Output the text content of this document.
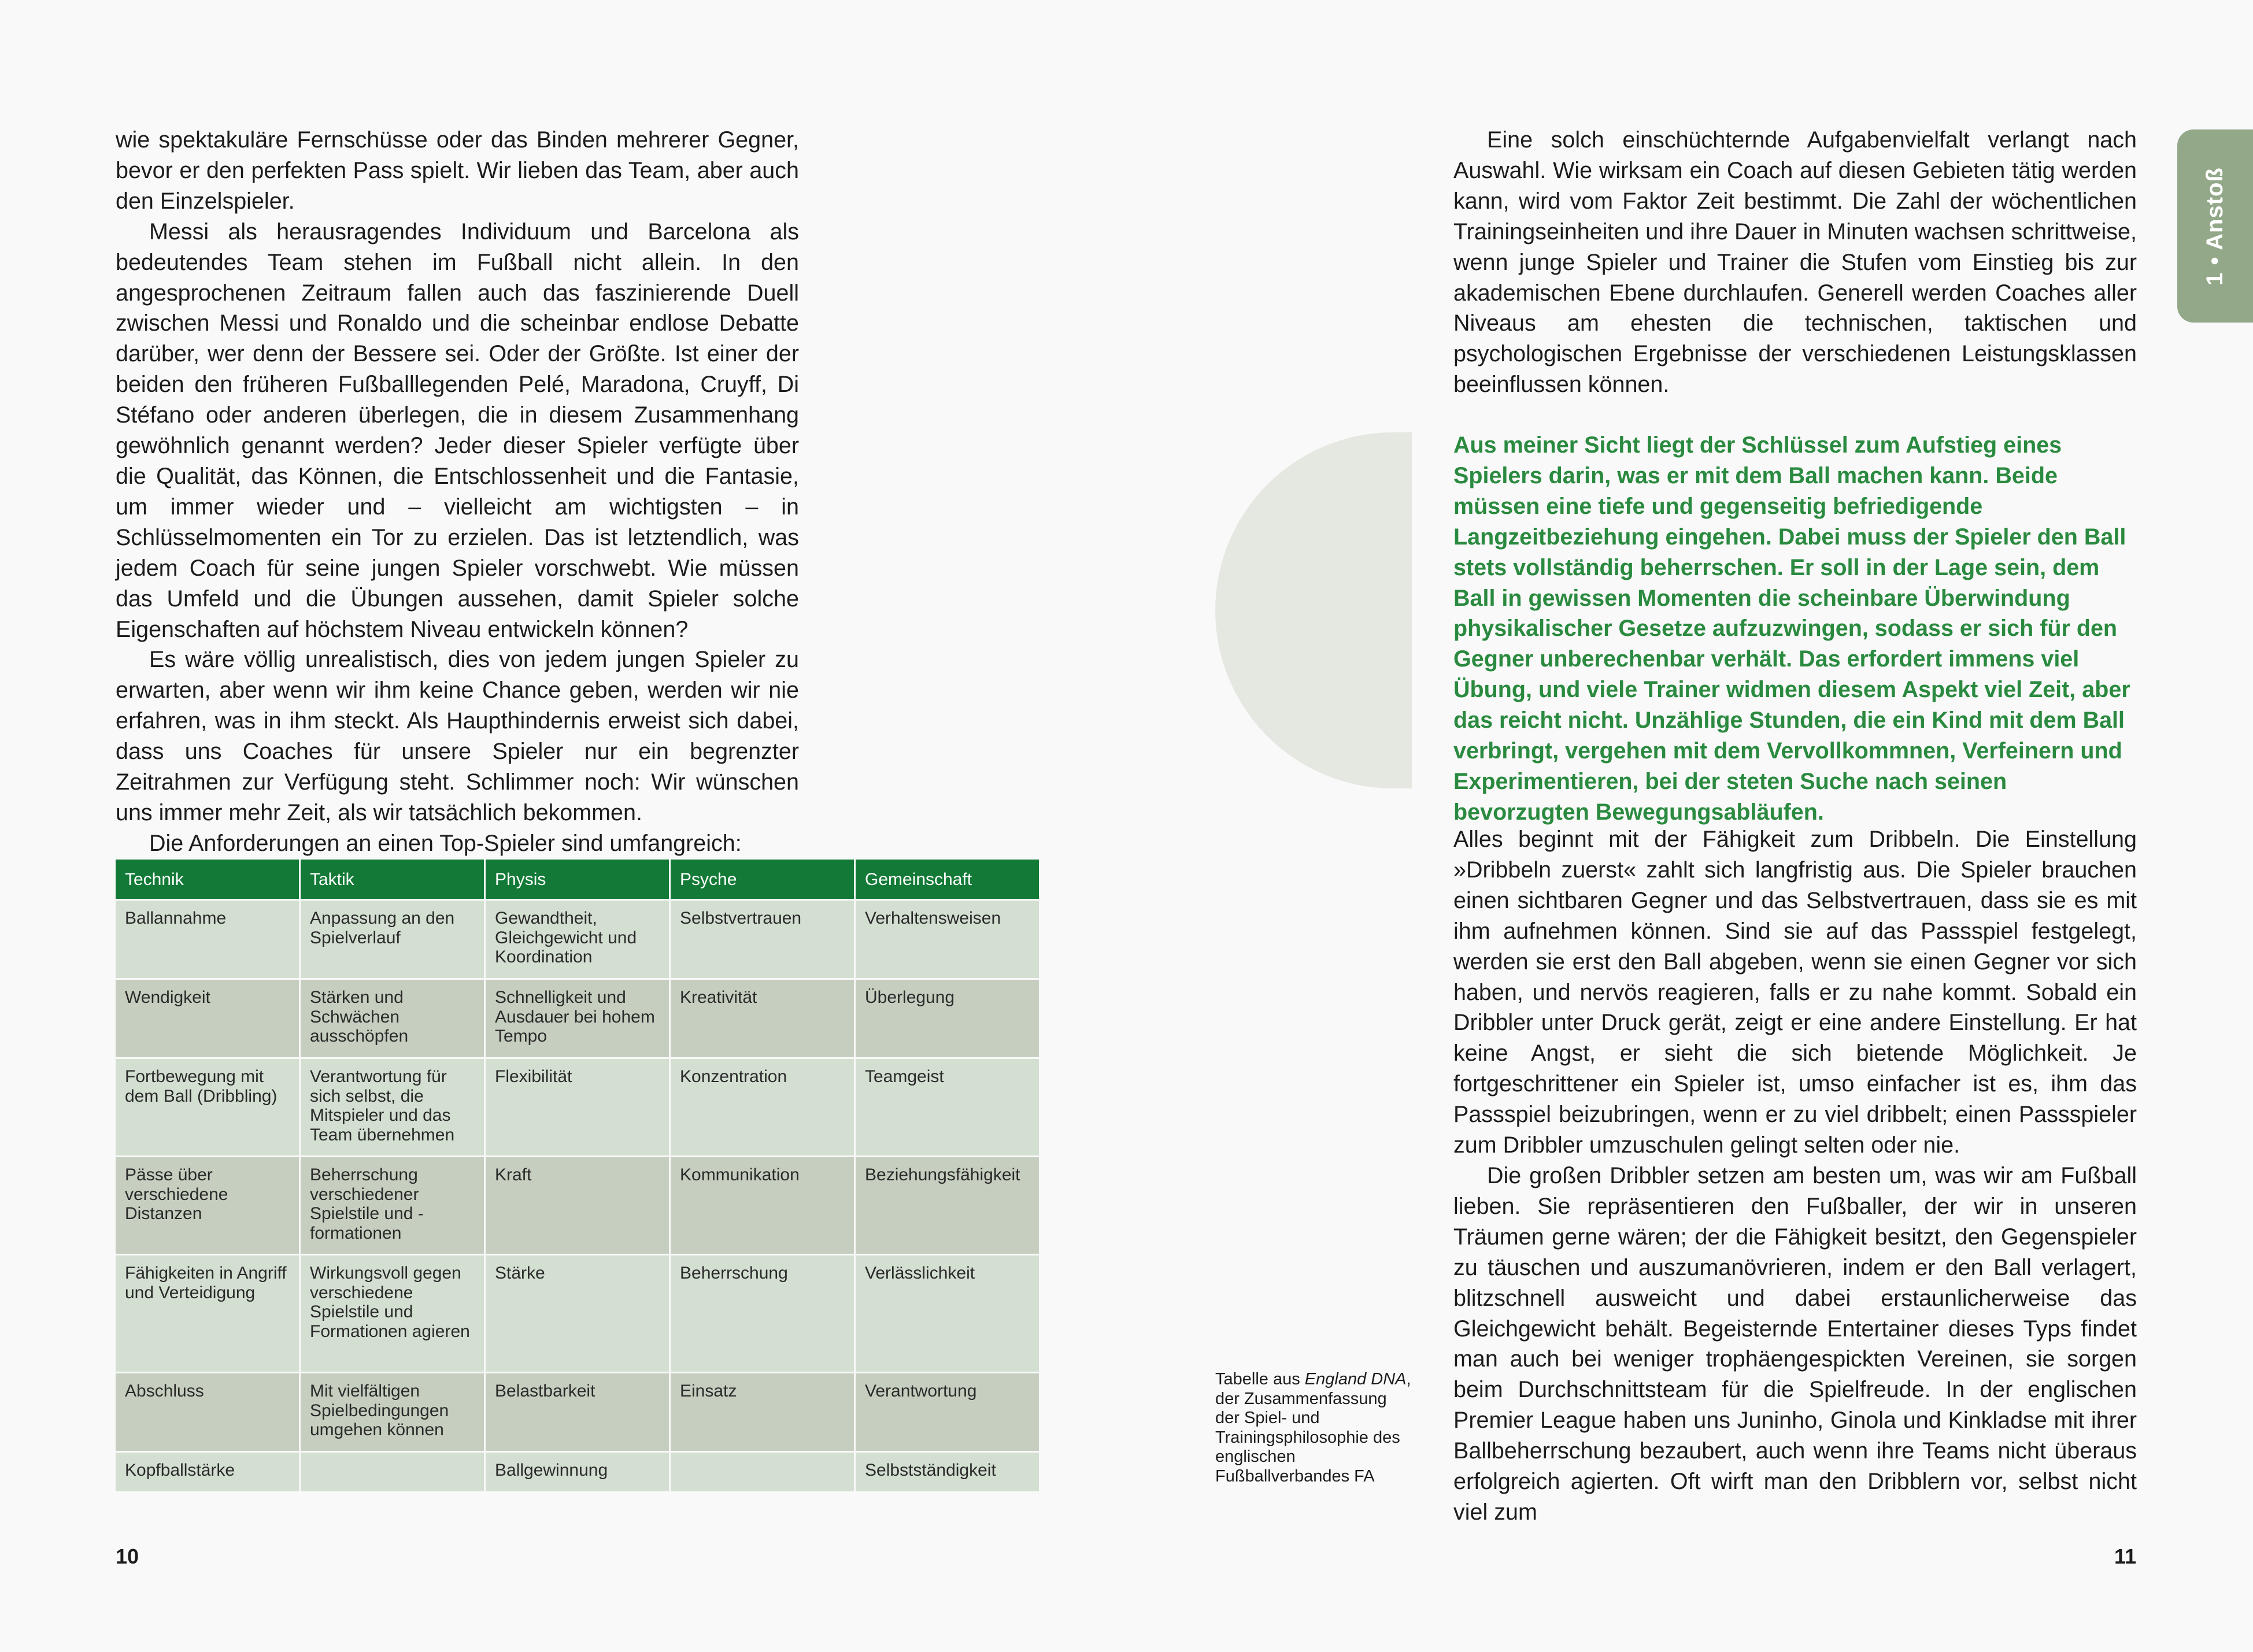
wie spektakuläre Fernschüsse oder das Binden mehrerer Gegner, bevor er den perfekten Pass spielt. Wir lieben das Team, aber auch den Einzelspieler.

Messi als herausragendes Individuum und Barcelona als bedeutendes Team stehen im Fußball nicht allein. In den angesprochenen Zeitraum fallen auch das faszinierende Duell zwischen Messi und Ronaldo und die scheinbar endlose Debatte darüber, wer denn der Bessere sei. Oder der Größte. Ist einer der beiden den früheren Fußballlegenden Pelé, Maradona, Cruyff, Di Stéfano oder anderen überlegen, die in diesem Zusammenhang gewöhnlich genannt werden? Jeder dieser Spieler verfügte über die Qualität, das Können, die Entschlossenheit und die Fantasie, um immer wieder und – vielleicht am wichtigsten – in Schlüsselmomenten ein Tor zu erzielen. Das ist letztendlich, was jedem Coach für seine jungen Spieler vorschwebt. Wie müssen das Umfeld und die Übungen aussehen, damit Spieler solche Eigenschaften auf höchstem Niveau entwickeln können?

Es wäre völlig unrealistisch, dies von jedem jungen Spieler zu erwarten, aber wenn wir ihm keine Chance geben, werden wir nie erfahren, was in ihm steckt. Als Haupthindernis erweist sich dabei, dass uns Coaches für unsere Spieler nur ein begrenzter Zeitrahmen zur Verfügung steht. Schlimmer noch: Wir wünschen uns immer mehr Zeit, als wir tatsächlich bekommen.

Die Anforderungen an einen Top-Spieler sind umfangreich:

Technik	Taktik	Physis	Psyche	Gemeinschaft
Ballannahme	Anpassung an den Spielverlauf	Gewandtheit, Gleichgewicht und Koordination	Selbstvertrauen	Verhaltensweisen
Wendigkeit	Stärken und Schwächen ausschöpfen	Schnelligkeit und Ausdauer bei hohem Tempo	Kreativität	Überlegung
Fortbewegung mit dem Ball (Dribbling)	Verantwortung für sich selbst, die Mitspieler und das Team übernehmen	Flexibilität	Konzentration	Teamgeist
Pässe über verschiedene Distanzen	Beherrschung verschiedener Spielstile und -formationen	Kraft	Kommunikation	Beziehungsfähigkeit
Fähigkeiten in Angriff und Verteidigung	Wirkungsvoll gegen verschiedene Spielstile und Formationen agieren	Stärke	Beherrschung	Verlässlichkeit
Abschluss	Mit vielfältigen Spielbedingungen umgehen können	Belastbarkeit	Einsatz	Verantwortung
Kopfballstärke		Ballgewinnung		Selbstständigkeit
10

Eine solch einschüchternde Aufgabenvielfalt verlangt nach Auswahl. Wie wirksam ein Coach auf diesen Gebieten tätig werden kann, wird vom Faktor Zeit bestimmt. Die Zahl der wöchentlichen Trainingseinheiten und ihre Dauer in Minuten wachsen schrittweise, wenn junge Spieler und Trainer die Stufen vom Einstieg bis zur akademischen Ebene durchlaufen. Generell werden Coaches aller Niveaus am ehesten die technischen, taktischen und psychologischen Ergebnisse der verschiedenen Leistungsklassen beeinflussen können.

Aus meiner Sicht liegt der Schlüssel zum Aufstieg eines Spielers darin, was er mit dem Ball machen kann. Beide müssen eine tiefe und gegenseitig befriedigende Langzeitbeziehung eingehen. Dabei muss der Spieler den Ball stets vollständig beherrschen. Er soll in der Lage sein, dem Ball in gewissen Momenten die scheinbare Überwindung physikalischer Gesetze aufzuzwingen, sodass er sich für den Gegner unberechenbar verhält. Das erfordert immens viel Übung, und viele Trainer widmen diesem Aspekt viel Zeit, aber das reicht nicht. Unzählige Stunden, die ein Kind mit dem Ball verbringt, vergehen mit dem Vervollkommnen, Verfeinern und Experimentieren, bei der steten Suche nach seinen bevorzugten Bewegungsabläufen.

Alles beginnt mit der Fähigkeit zum Dribbeln. Die Einstellung »Dribbeln zuerst« zahlt sich langfristig aus. Die Spieler brauchen einen sichtbaren Gegner und das Selbstvertrauen, dass sie es mit ihm aufnehmen können. Sind sie auf das Passspiel festgelegt, werden sie erst den Ball abgeben, wenn sie einen Gegner vor sich haben, und nervös reagieren, falls er zu nahe kommt. Sobald ein Dribbler unter Druck gerät, zeigt er eine andere Einstellung. Er hat keine Angst, er sieht die sich bietende Möglichkeit. Je fortgeschrittener ein Spieler ist, umso einfacher ist es, ihm das Passspiel beizubringen, wenn er zu viel dribbelt; einen Passspieler zum Dribbler umzuschulen gelingt selten oder nie.

Die großen Dribbler setzen am besten um, was wir am Fußball lieben. Sie repräsentieren den Fußballer, der wir in unseren Träumen gerne wären; der die Fähigkeit besitzt, den Gegenspieler zu täuschen und auszumanövrieren, indem er den Ball verlagert, blitzschnell ausweicht und dabei erstaunlicherweise das Gleichgewicht behält. Begeisternde Entertainer dieses Typs findet man auch bei weniger trophäengespickten Vereinen, sie sorgen beim Durchschnittsteam für die Spielfreude. In der englischen Premier League haben uns Juninho, Ginola und Kinkladse mit ihrer Ballbeherrschung bezaubert, auch wenn ihre Teams nicht überaus erfolgreich agierten. Oft wirft man den Dribblern vor, selbst nicht viel zum

Tabelle aus England DNA, der Zusammenfassung der Spiel- und Trainingsphilosophie des englischen Fußballverbandes FA
11
1 • Anstoß
